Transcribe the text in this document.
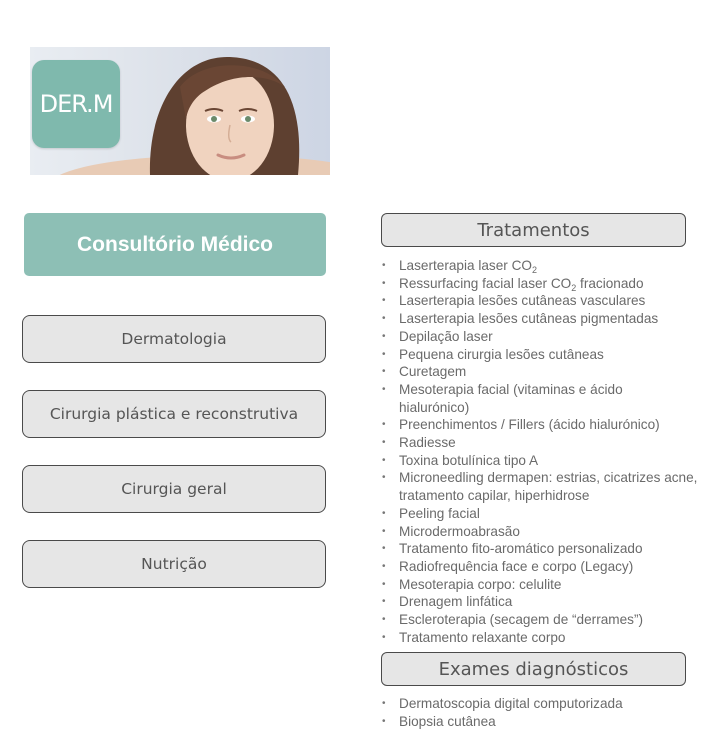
DER.M
Consultório Médico
Dermatologia
Cirurgia plástica e reconstrutiva
Cirurgia geral
Nutrição
Tratamentos
• Laserterapia laser $CO_2$
• Ressurfacing facial laser $CO_2$ fracionado
• Laserterapia lesões cutâneas vasculares
• Laserterapia lesões cutâneas pigmentadas
• Depilação laser
• Pequena cirurgia lesões cutâneas
• Curetagem
• Mesoterapia facial (vitaminas e ácido hialurónico)
• Preenchimentos / Fillers (ácido hialurónico)
• Radiesse
• Toxina botulínica tipo A
• Microneedling dermapen: estrias, cicatrizes acne, tratamento capilar, hiperhidrose
• Peeling facial
• Microdermoabrasão
• Tratamento fito-aromático personalizado
• Radiofrequência face e corpo (Legacy)
• Mesoterapia corpo: celulite
• Drenagem linfática
• Escleroterapia (secagem de “derrames”)
• Tratamento relaxante corpo
Exames diagnósticos
• Dermatoscopia digital computorizada
• Biopsia cutânea
